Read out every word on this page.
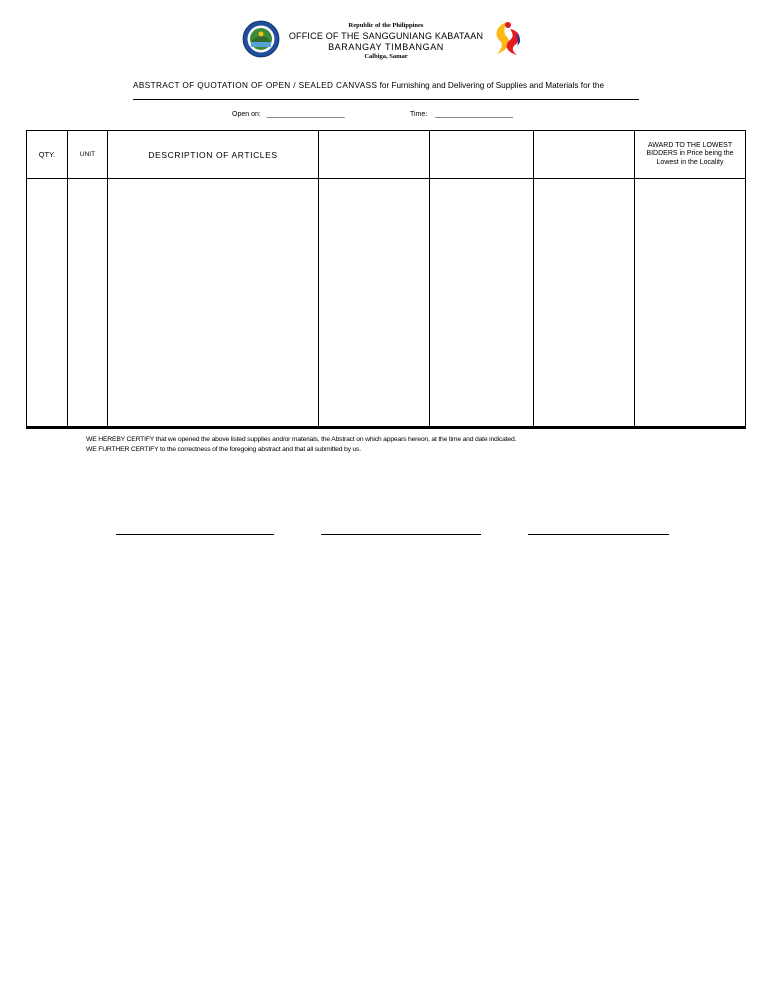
Republic of the Philippines
OFFICE OF THE SANGGUNIANG KABATAAN
BARANGAY TIMBANGAN
Calbiga, Samar
ABSTRACT OF QUOTATION OF OPEN / SEALED CANVASS for Furnishing and Delivering of Supplies and Materials for the
Open on: ____________________	Time: ____________________
QTY.	UNIT	DESCRIPTION OF ARTICLES				AWARD TO THE LOWEST BIDDERS in Price being the Lowest in the Locality

WE HEREBY CERTIFY that we opened the above listed supplies and/or materials, the Abstract on which appears hereon, at the time and date indicated.
WE FURTHER CERTIFY to the correctness of the foregoing abstract and that all submitted by us.
